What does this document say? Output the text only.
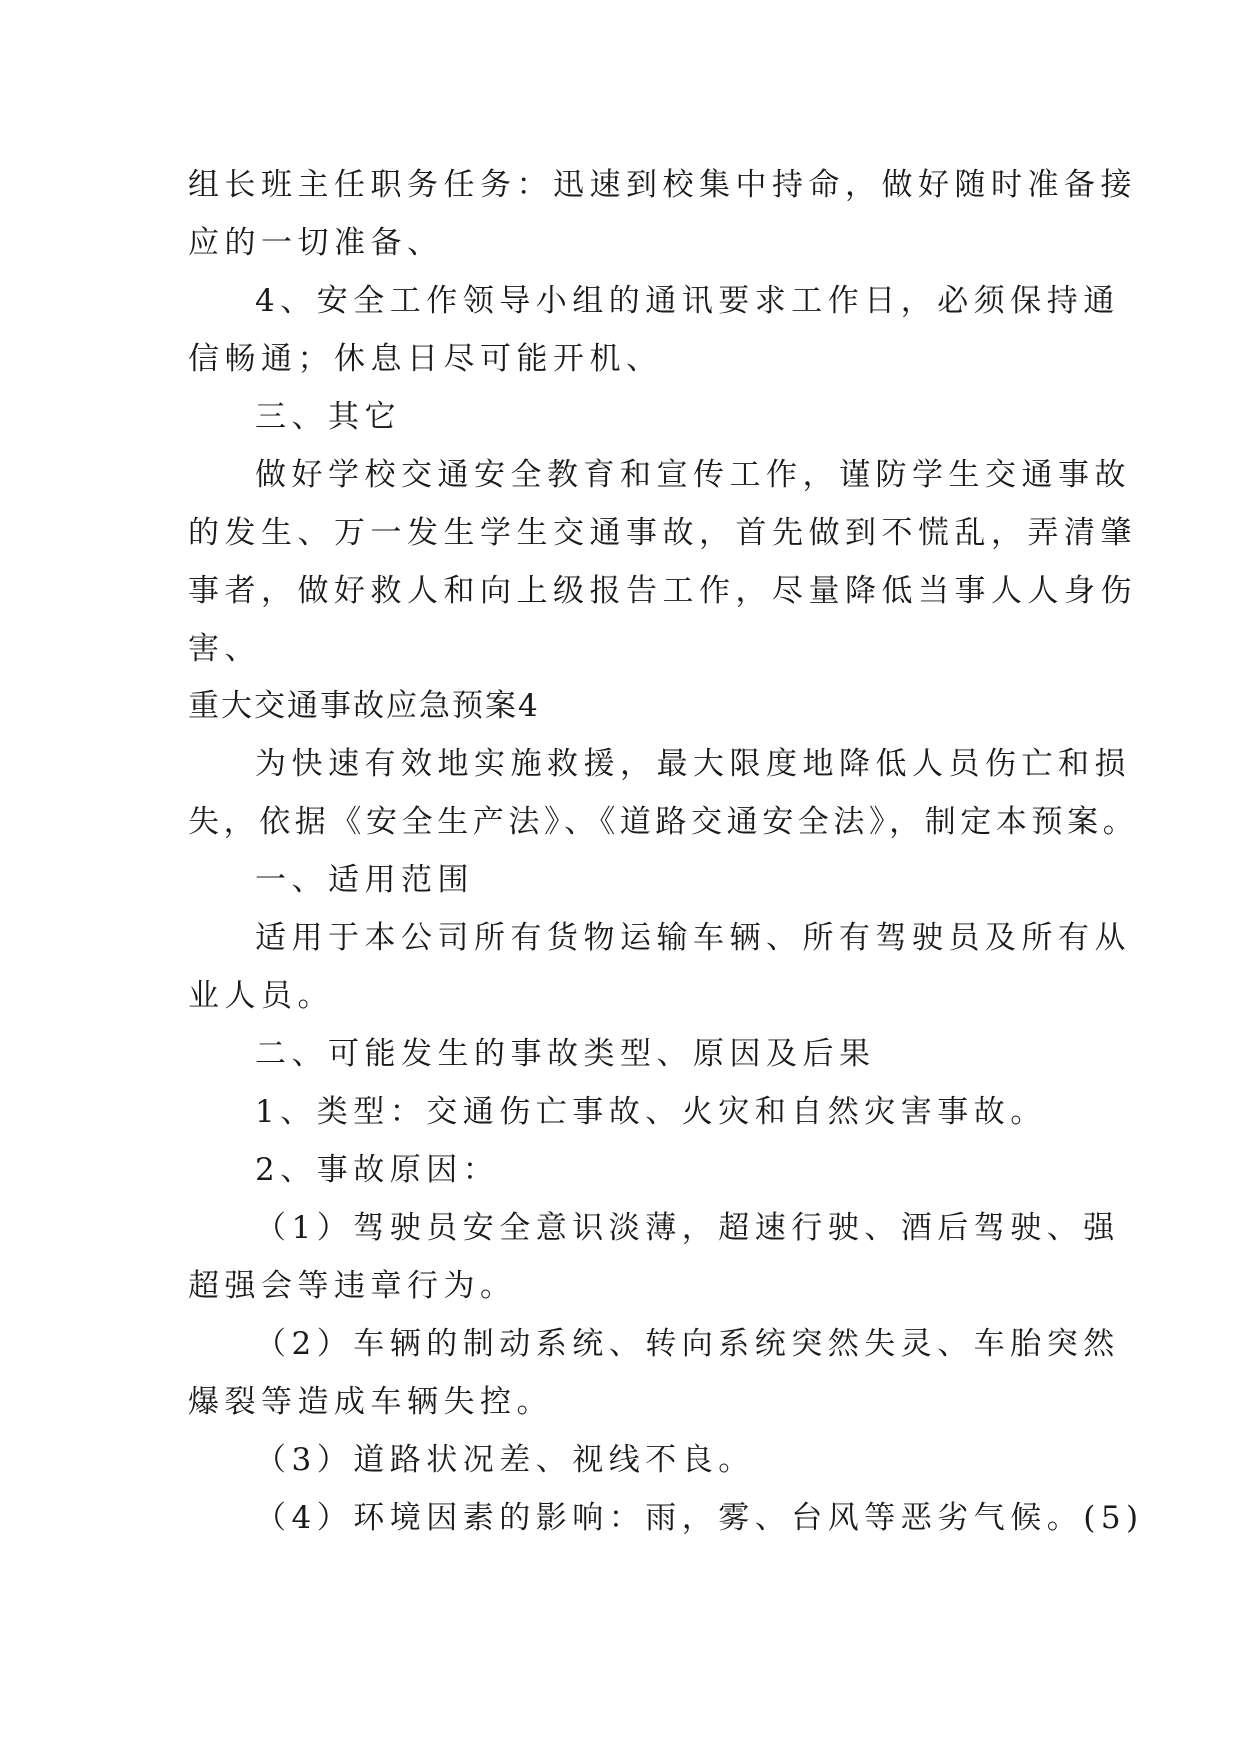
组长班主任职务任务：迅速到校集中持命，做好随时准备接
应的一切准备、
4、安全工作领导小组的通讯要求工作日，必须保持通
信畅通；休息日尽可能开机、
三、其它
做好学校交通安全教育和宣传工作，谨防学生交通事故
的发生、万一发生学生交通事故，首先做到不慌乱，弄清肇
事者，做好救人和向上级报告工作，尽量降低当事人人身伤
害、
重大交通事故应急预案4
为快速有效地实施救援，最大限度地降低人员伤亡和损
失，依据《安全生产法》、《道路交通安全法》，制定本预案。
一、适用范围
适用于本公司所有货物运输车辆、所有驾驶员及所有从
业人员。
二、可能发生的事故类型、原因及后果
1、类型：交通伤亡事故、火灾和自然灾害事故。
2、事故原因：
（1）驾驶员安全意识淡薄，超速行驶、酒后驾驶、强
超强会等违章行为。
（2）车辆的制动系统、转向系统突然失灵、车胎突然
爆裂等造成车辆失控。
（3）道路状况差、视线不良。
（4）环境因素的影响：雨，雾、台风等恶劣气候。(5)
